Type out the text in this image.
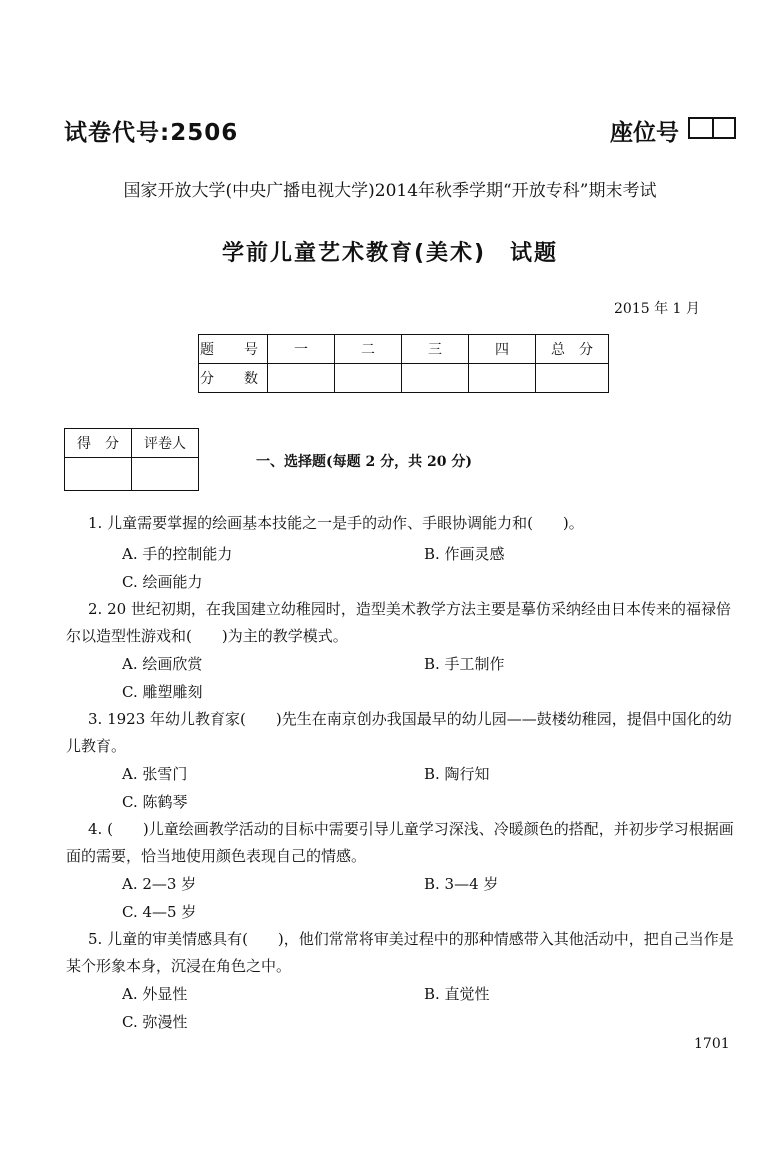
试卷代号:2506	座位号
国家开放大学(中央广播电视大学)2014年秋季学期“开放专科”期末考试
学前儿童艺术教育(美术)　试题
2015 年 1 月
题　号	一	二	三	四	总　分
分　数					
得　分	评卷人

一、选择题(每题 2 分，共 20 分)
1. 儿童需要掌握的绘画基本技能之一是手的动作、手眼协调能力和(　　)。
A. 手的控制能力	B. 作画灵感
C. 绘画能力
2. 20 世纪初期，在我国建立幼稚园时，造型美术教学方法主要是摹仿采纳经由日本传来的福禄倍尔以造型性游戏和(　　)为主的教学模式。
A. 绘画欣赏	B. 手工制作
C. 雕塑雕刻
3. 1923 年幼儿教育家(　　)先生在南京创办我国最早的幼儿园——鼓楼幼稚园，提倡中国化的幼儿教育。
A. 张雪门	B. 陶行知
C. 陈鹤琴
4. (　　)儿童绘画教学活动的目标中需要引导儿童学习深浅、冷暖颜色的搭配，并初步学习根据画面的需要，恰当地使用颜色表现自己的情感。
A. 2—3 岁	B. 3—4 岁
C. 4—5 岁
5. 儿童的审美情感具有(　　)，他们常常将审美过程中的那种情感带入其他活动中，把自己当作是某个形象本身，沉浸在角色之中。
A. 外显性	B. 直觉性
C. 弥漫性
1701
